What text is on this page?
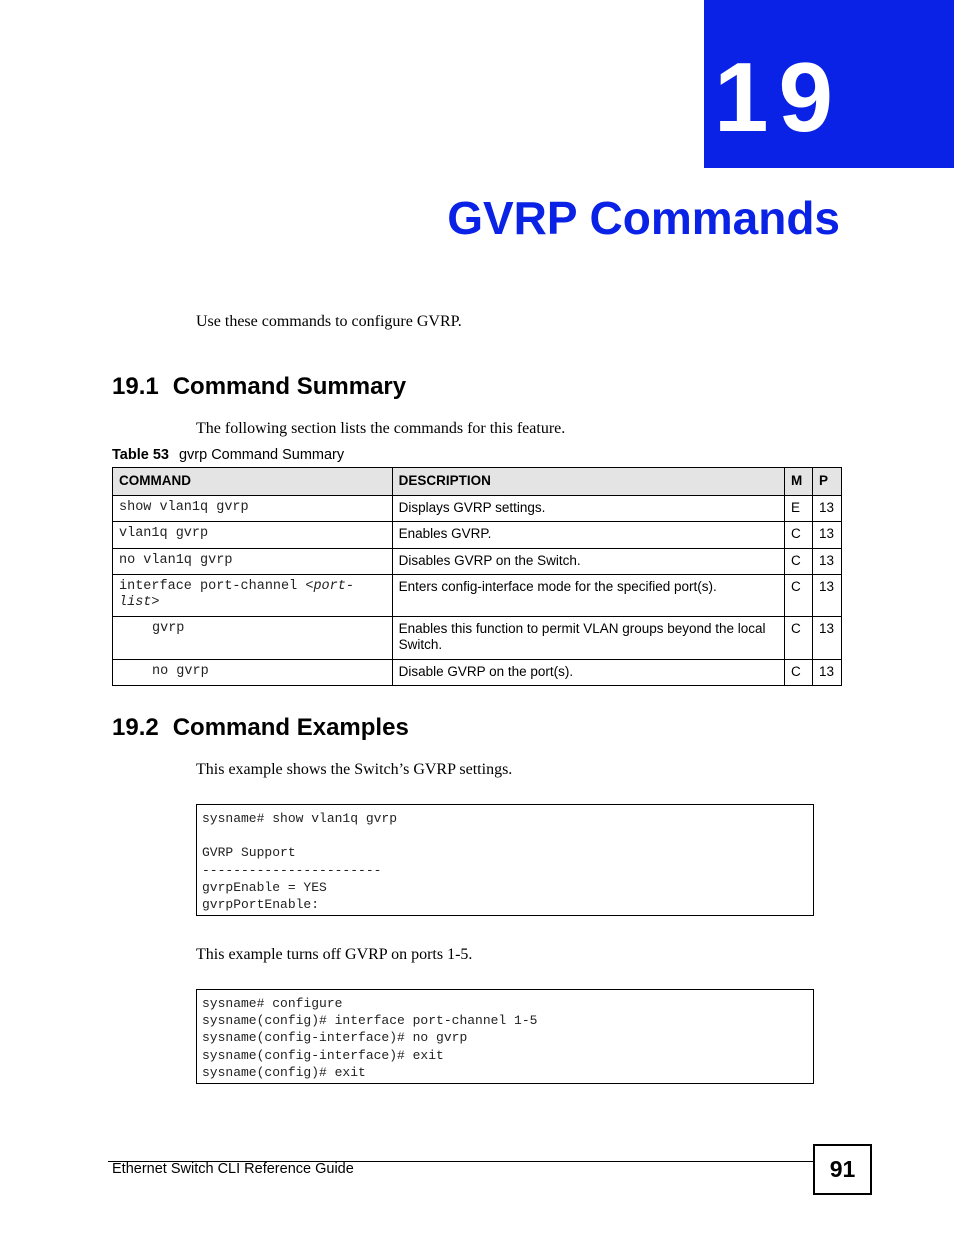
19
GVRP Commands

Use these commands to configure GVRP.

19.1 Command Summary

The following section lists the commands for this feature.

Table 53 gvrp Command Summary
COMMAND	DESCRIPTION	M	P
show vlan1q gvrp	Displays GVRP settings.	E	13
vlan1q gvrp	Enables GVRP.	C	13
no vlan1q gvrp	Disables GVRP on the Switch.	C	13
interface port-channel <port-list>	Enters config-interface mode for the specified port(s).	C	13
gvrp	Enables this function to permit VLAN groups beyond the local Switch.	C	13
no gvrp	Disable GVRP on the port(s).	C	13
19.2 Command Examples

This example shows the Switch’s GVRP settings.

sysname# show vlan1q gvrp

GVRP Support
-----------------------
gvrpEnable = YES
gvrpPortEnable:

This example turns off GVRP on ports 1-5.

sysname# configure
sysname(config)# interface port-channel 1-5
sysname(config-interface)# no gvrp
sysname(config-interface)# exit
sysname(config)# exit
Ethernet Switch CLI Reference Guide	91
